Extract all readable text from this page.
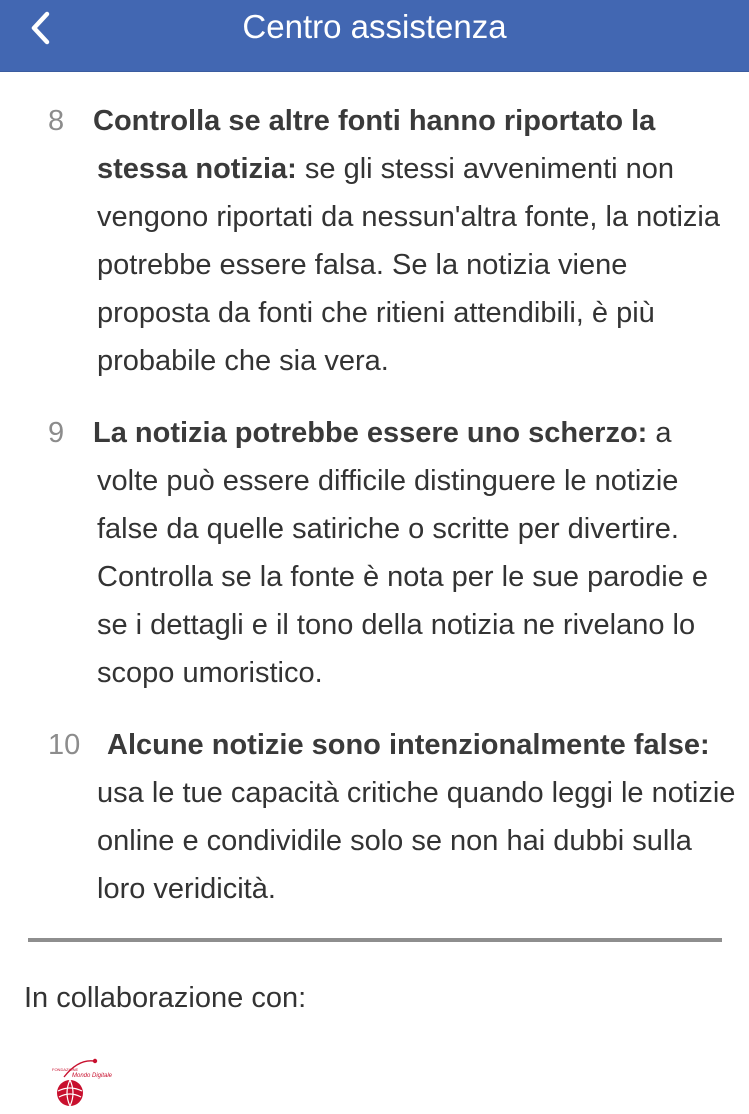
Centro assistenza
8 Controlla se altre fonti hanno riportato la stessa notizia: se gli stessi avvenimenti non vengono riportati da nessun'altra fonte, la notizia potrebbe essere falsa. Se la notizia viene proposta da fonti che ritieni attendibili, è più probabile che sia vera.
9 La notizia potrebbe essere uno scherzo: a volte può essere difficile distinguere le notizie false da quelle satiriche o scritte per divertire. Controlla se la fonte è nota per le sue parodie e se i dettagli e il tono della notizia ne rivelano lo scopo umoristico.
10 Alcune notizie sono intenzionalmente false: usa le tue capacità critiche quando leggi le notizie online e condividile solo se non hai dubbi sulla loro veridicità.
In collaborazione con:
FONDAZIONE
Mondo Digitale
